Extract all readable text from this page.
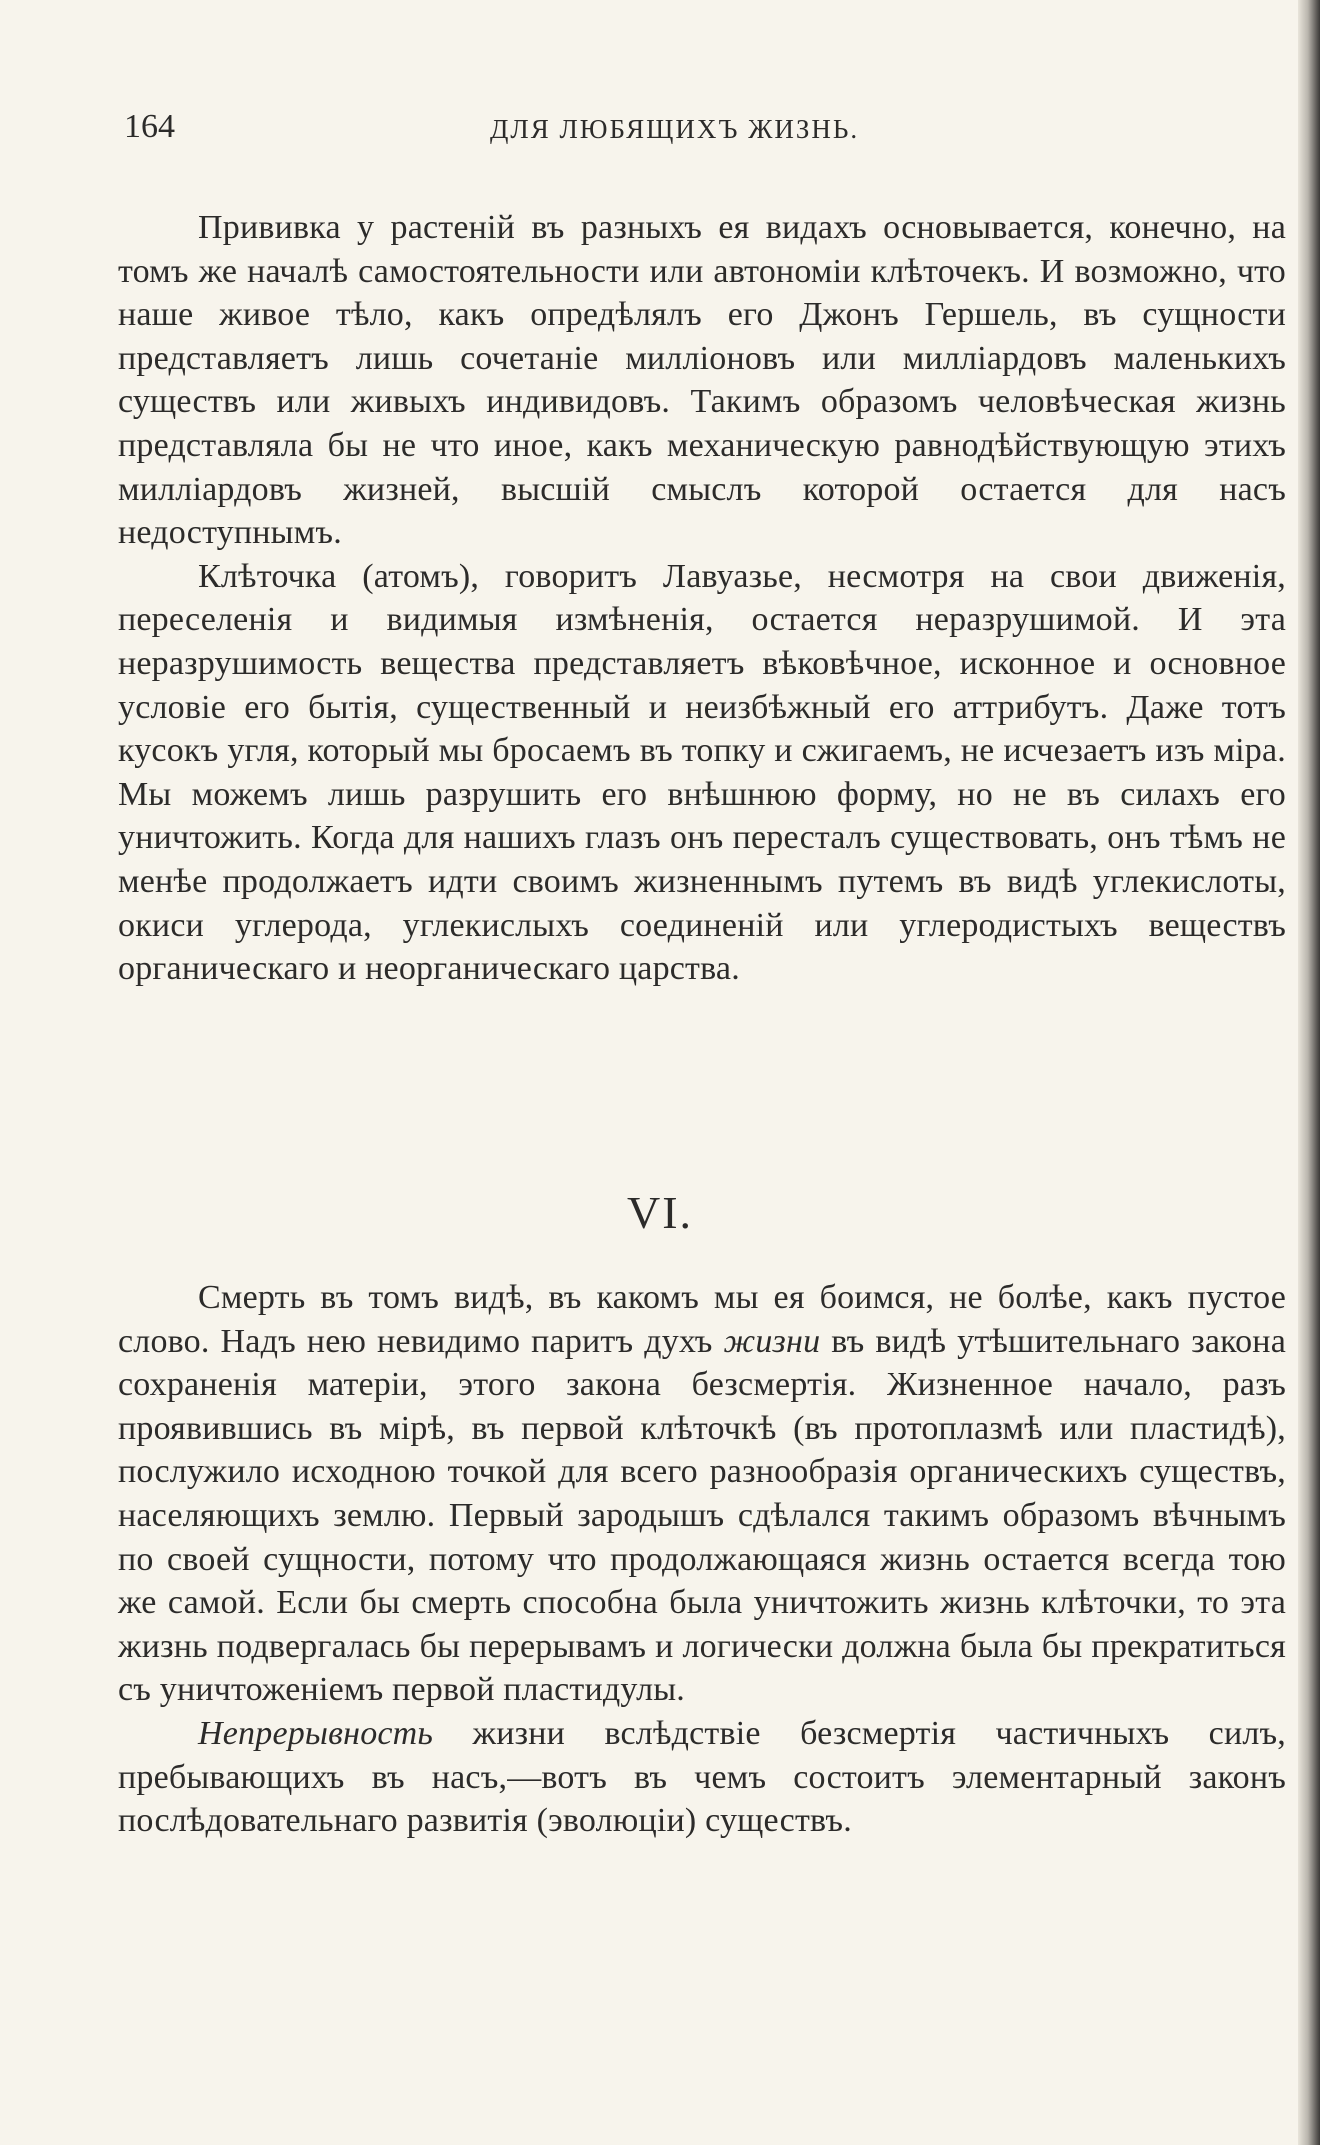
164	ДЛЯ ЛЮБЯЩИХЪ ЖИЗНЬ.

Прививка у растеній въ разныхъ ея видахъ основывается, конечно, на томъ же началѣ самостоятельности или автономіи клѣточекъ. И возможно, что наше живое тѣло, какъ опредѣлялъ его Джонъ Гершель, въ сущности представляетъ лишь сочетаніе милліоновъ или милліардовъ маленькихъ существъ или живыхъ индивидовъ. Такимъ образомъ человѣческая жизнь представляла бы не что иное, какъ механическую равнодѣйствующую этихъ милліардовъ жизней, высшій смыслъ которой остается для насъ недоступнымъ.

Клѣточка (атомъ), говоритъ Лавуазье, несмотря на свои движенія, переселенія и видимыя измѣненія, остается неразрушимой. И эта неразрушимость вещества представляетъ вѣковѣчное, исконное и основное условіе его бытія, существенный и неизбѣжный его аттрибутъ. Даже тотъ кусокъ угля, который мы бросаемъ въ топку и сжигаемъ, не исчезаетъ изъ міра. Мы можемъ лишь разрушить его внѣшнюю форму, но не въ силахъ его уничтожить. Когда для нашихъ глазъ онъ пересталъ существовать, онъ тѣмъ не менѣе продолжаетъ идти своимъ жизненнымъ путемъ въ видѣ углекислоты, окиси углерода, углекислыхъ соединеній или углеродистыхъ веществъ органическаго и неорганическаго царства.

VI.

Смерть въ томъ видѣ, въ какомъ мы ея боимся, не болѣе, какъ пустое слово. Надъ нею невидимо паритъ духъ жизни въ видѣ утѣшительнаго закона сохраненія матеріи, этого закона безсмертія. Жизненное начало, разъ проявившись въ мірѣ, въ первой клѣточкѣ (въ протоплазмѣ или пластидѣ), послужило исходною точкой для всего разнообразія органическихъ существъ, населяющихъ землю. Первый зародышъ сдѣлался такимъ образомъ вѣчнымъ по своей сущности, потому что продолжающаяся жизнь остается всегда тою же самой. Если бы смерть способна была уничтожить жизнь клѣточки, то эта жизнь подвергалась бы перерывамъ и логически должна была бы прекратиться съ уничтоженіемъ первой пластидулы.

Непрерывность жизни вслѣдствіе безсмертія частичныхъ силъ, пребывающихъ въ насъ,—вотъ въ чемъ состоитъ элементарный законъ послѣдовательнаго развитія (эволюціи) существъ.
